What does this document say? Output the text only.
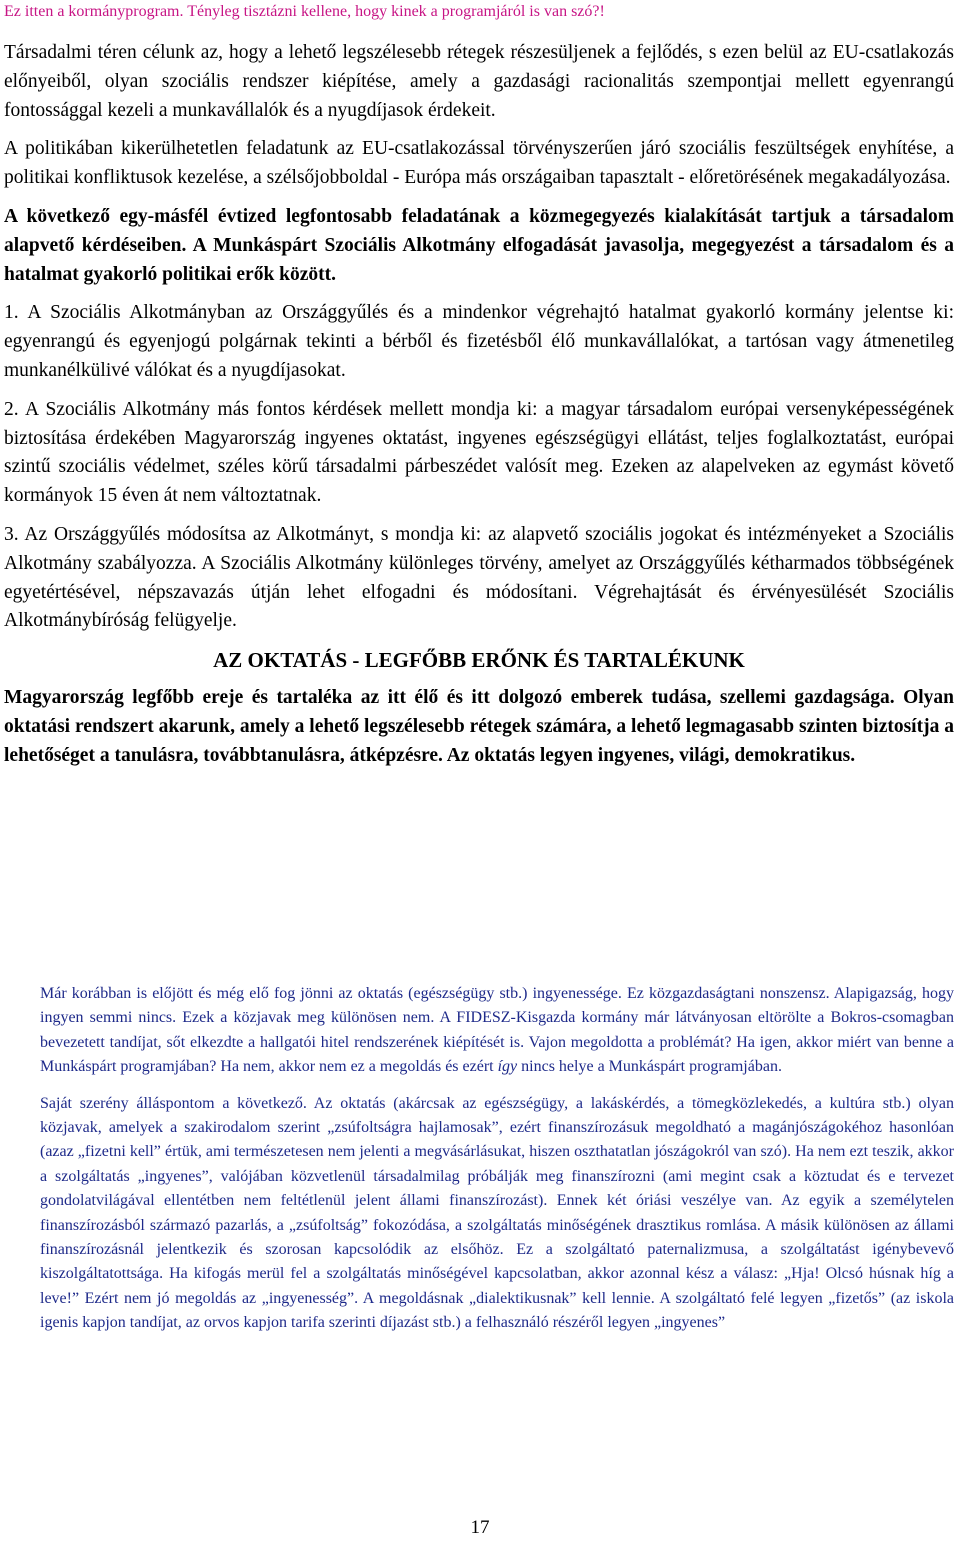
Ez itten a kormányprogram. Tényleg tisztázni kellene, hogy kinek a programjáról is van szó?!

Társadalmi téren célunk az, hogy a lehető legszélesebb rétegek részesüljenek a fejlődés, s ezen belül az EU-csatlakozás előnyeiből, olyan szociális rendszer kiépítése, amely a gazdasági racionalitás szempontjai mellett egyenrangú fontossággal kezeli a munkavállalók és a nyugdíjasok érdekeit.

A politikában kikerülhetetlen feladatunk az EU-csatlakozással törvényszerűen járó szociális feszültségek enyhítése, a politikai konfliktusok kezelése, a szélsőjobboldal - Európa más országaiban tapasztalt - előretörésének megakadályozása.

A következő egy-másfél évtized legfontosabb feladatának a közmegegyezés kialakítását tartjuk a társadalom alapvető kérdéseiben. A Munkáspárt Szociális Alkotmány elfogadását javasolja, megegyezést a társadalom és a hatalmat gyakorló politikai erők között.

1. A Szociális Alkotmányban az Országgyűlés és a mindenkor végrehajtó hatalmat gyakorló kormány jelentse ki: egyenrangú és egyenjogú polgárnak tekinti a bérből és fizetésből élő munkavállalókat, a tartósan vagy átmenetileg munkanélkülivé válókat és a nyugdíjasokat.

2. A Szociális Alkotmány más fontos kérdések mellett mondja ki: a magyar társadalom európai versenyképességének biztosítása érdekében Magyarország ingyenes oktatást, ingyenes egészségügyi ellátást, teljes foglalkoztatást, európai szintű szociális védelmet, széles körű társadalmi párbeszédet valósít meg. Ezeken az alapelveken az egymást követő kormányok 15 éven át nem változtatnak.

3. Az Országgyűlés módosítsa az Alkotmányt, s mondja ki: az alapvető szociális jogokat és intézményeket a Szociális Alkotmány szabályozza. A Szociális Alkotmány különleges törvény, amelyet az Országgyűlés kétharmados többségének egyetértésével, népszavazás útján lehet elfogadni és módosítani. Végrehajtását és érvényesülését Szociális Alkotmánybíróság felügyelje.

AZ OKTATÁS - LEGFŐBB ERŐNK ÉS TARTALÉKUNK

Magyarország legfőbb ereje és tartaléka az itt élő és itt dolgozó emberek tudása, szellemi gazdagsága. Olyan oktatási rendszert akarunk, amely a lehető legszélesebb rétegek számára, a lehető legmagasabb szinten biztosítja a lehetőséget a tanulásra, továbbtanulásra, átképzésre. Az oktatás legyen ingyenes, világi, demokratikus.

Már korábban is előjött és még elő fog jönni az oktatás (egészségügy stb.) ingyenessége. Ez közgazdaságtani nonszensz. Alapigazság, hogy ingyen semmi nincs. Ezek a közjavak meg különösen nem. A FIDESZ-Kisgazda kormány már látványosan eltörölte a Bokros-csomagban bevezetett tandíjat, sőt elkezdte a hallgatói hitel rendszerének kiépítését is. Vajon megoldotta a problémát? Ha igen, akkor miért van benne a Munkáspárt programjában? Ha nem, akkor nem ez a megoldás és ezért így nincs helye a Munkáspárt programjában.

Saját szerény álláspontom a következő. Az oktatás (akárcsak az egészségügy, a lakáskérdés, a tömegközlekedés, a kultúra stb.) olyan közjavak, amelyek a szakirodalom szerint „zsúfoltságra hajlamosak”, ezért finanszírozásuk megoldható a magánjószágokéhoz hasonlóan (azaz „fizetni kell” értük, ami természetesen nem jelenti a megvásárlásukat, hiszen oszthatatlan jószágokról van szó). Ha nem ezt teszik, akkor a szolgáltatás „ingyenes”, valójában közvetlenül társadalmilag próbálják meg finanszírozni (ami megint csak a köztudat és e tervezet gondolatvilágával ellentétben nem feltétlenül jelent állami finanszírozást). Ennek két óriási veszélye van. Az egyik a személytelen finanszírozásból származó pazarlás, a „zsúfoltság” fokozódása, a szolgáltatás minőségének drasztikus romlása. A másik különösen az állami finanszírozásnál jelentkezik és szorosan kapcsolódik az elsőhöz. Ez a szolgáltató paternalizmusa, a szolgáltatást igénybevevő kiszolgáltatottsága. Ha kifogás merül fel a szolgáltatás minőségével kapcsolatban, akkor azonnal kész a válasz: „Hja! Olcsó húsnak híg a leve!” Ezért nem jó megoldás az „ingyenesség”. A megoldásnak „dialektikusnak” kell lennie. A szolgáltató felé legyen „fizetős” (az iskola igenis kapjon tandíjat, az orvos kapjon tarifa szerinti díjazást stb.) a felhasználó részéről legyen „ingyenes”

17
